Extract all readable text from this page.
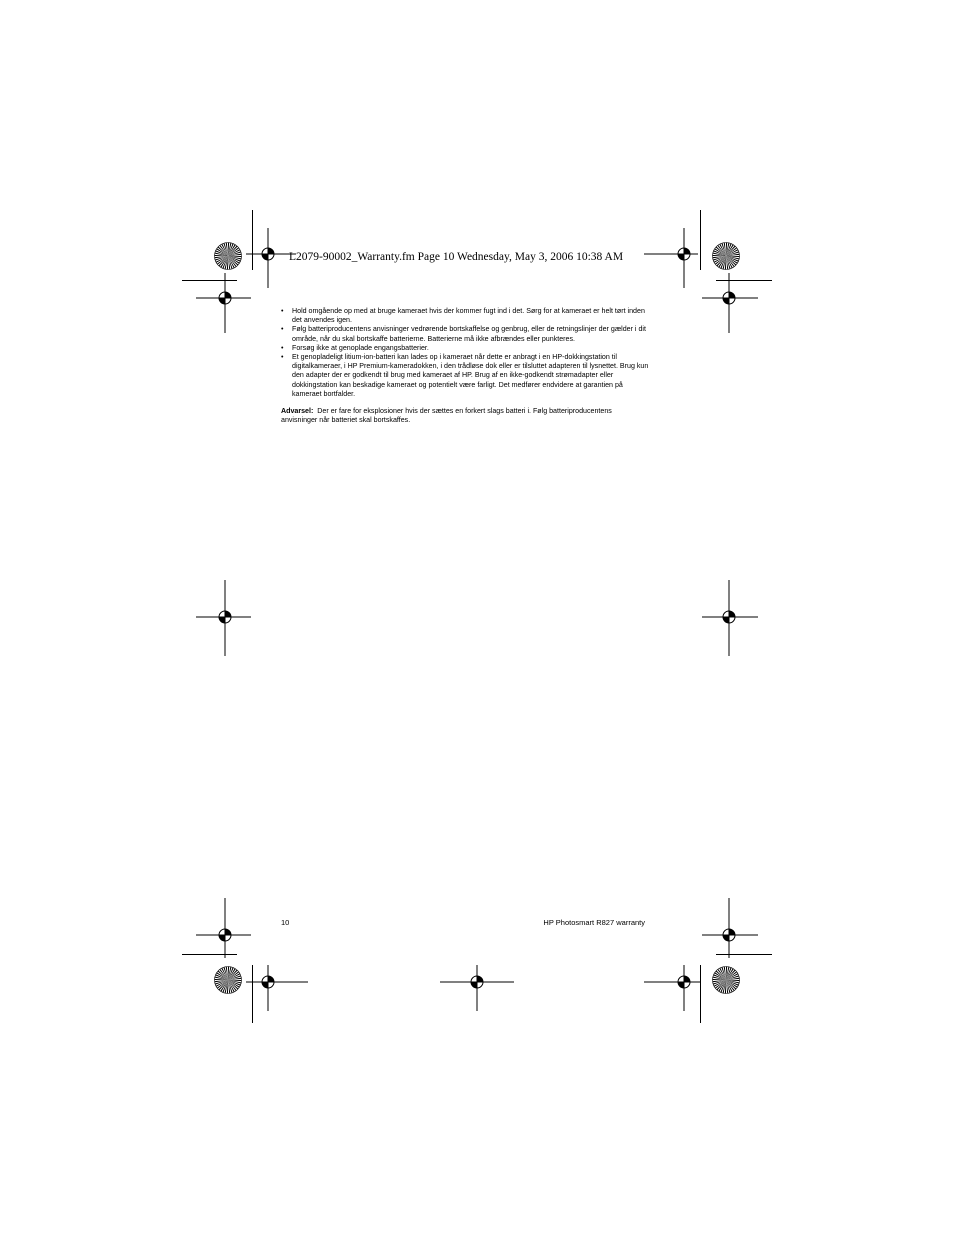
L2079-90002_Warranty.fm Page 10 Wednesday, May 3, 2006 10:38 AM
• Hold omgående op med at bruge kameraet hvis der kommer fugt ind i det. Sørg for at kameraet er helt tørt inden det anvendes igen.
• Følg batteriproducentens anvisninger vedrørende bortskaffelse og genbrug, eller de retningslinjer der gælder i dit område, når du skal bortskaffe batterierne. Batterierne må ikke afbrændes eller punkteres.
• Forsøg ikke at genoplade engangsbatterier.
• Et genopladeligt litium-ion-batteri kan lades op i kameraet når dette er anbragt i en HP-dokkingstation til digitalkameraer, i HP Premium-kameradokken, i den trådløse dok eller er tilsluttet adapteren til lysnettet. Brug kun den adapter der er godkendt til brug med kameraet af HP. Brug af en ikke-godkendt strømadapter eller dokkingstation kan beskadige kameraet og potentielt være farligt. Det medfører endvidere at garantien på kameraet bortfalder.

Advarsel: Der er fare for eksplosioner hvis der sættes en forkert slags batteri i. Følg batteriproducentens anvisninger når batteriet skal bortskaffes.

10	HP Photosmart R827 warranty
